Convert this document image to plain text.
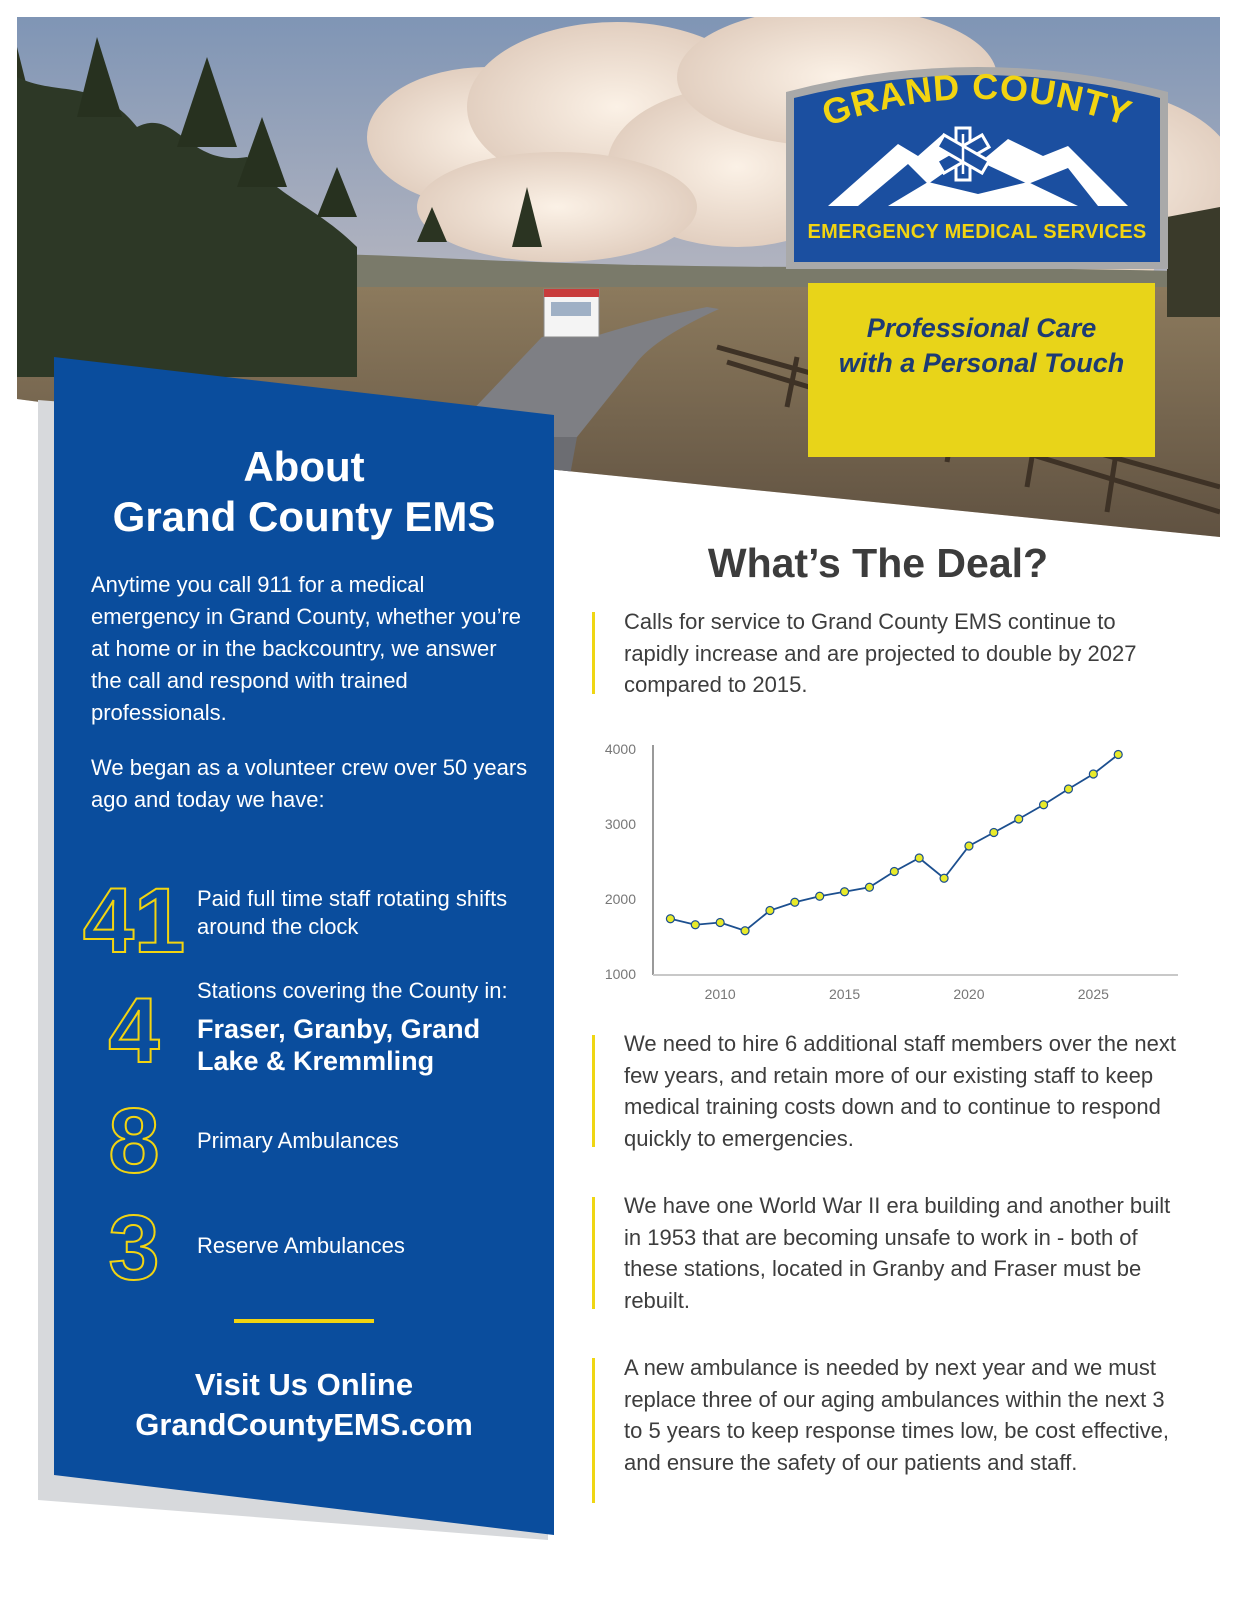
Professional Care
with a Personal Touch
GRAND COUNTY
EMERGENCY MEDICAL SERVICES
About
Grand County EMS
Anytime you call 911 for a medical emergency in Grand County, whether you’re at home or in the backcountry, we answer the call and respond with trained professionals.
We began as a volunteer crew over 50 years ago and today we have:
41 Paid full time staff rotating shifts around the clock
4	Stations covering the County in:
Fraser, Granby, Grand Lake & Kremmling
8	Primary Ambulances
3	Reserve Ambulances
Visit Us Online
GrandCountyEMS.com
What’s The Deal?
Calls for service to Grand County EMS continue to rapidly increase and are projected to double by 2027 compared to 2015.
1000
2000
3000
4000
2010	2015	2020	2025
We need to hire 6 additional staff members over the next few years, and retain more of our existing staff to keep medical training costs down and to continue to respond quickly to emergencies.
We have one World War II era building and another built in 1953 that are becoming unsafe to work in - both of these stations, located in Granby and Fraser must be rebuilt.
A new ambulance is needed by next year and we must replace three of our aging ambulances within the next 3 to 5 years to keep response times low, be cost effective, and ensure the safety of our patients and staff.
